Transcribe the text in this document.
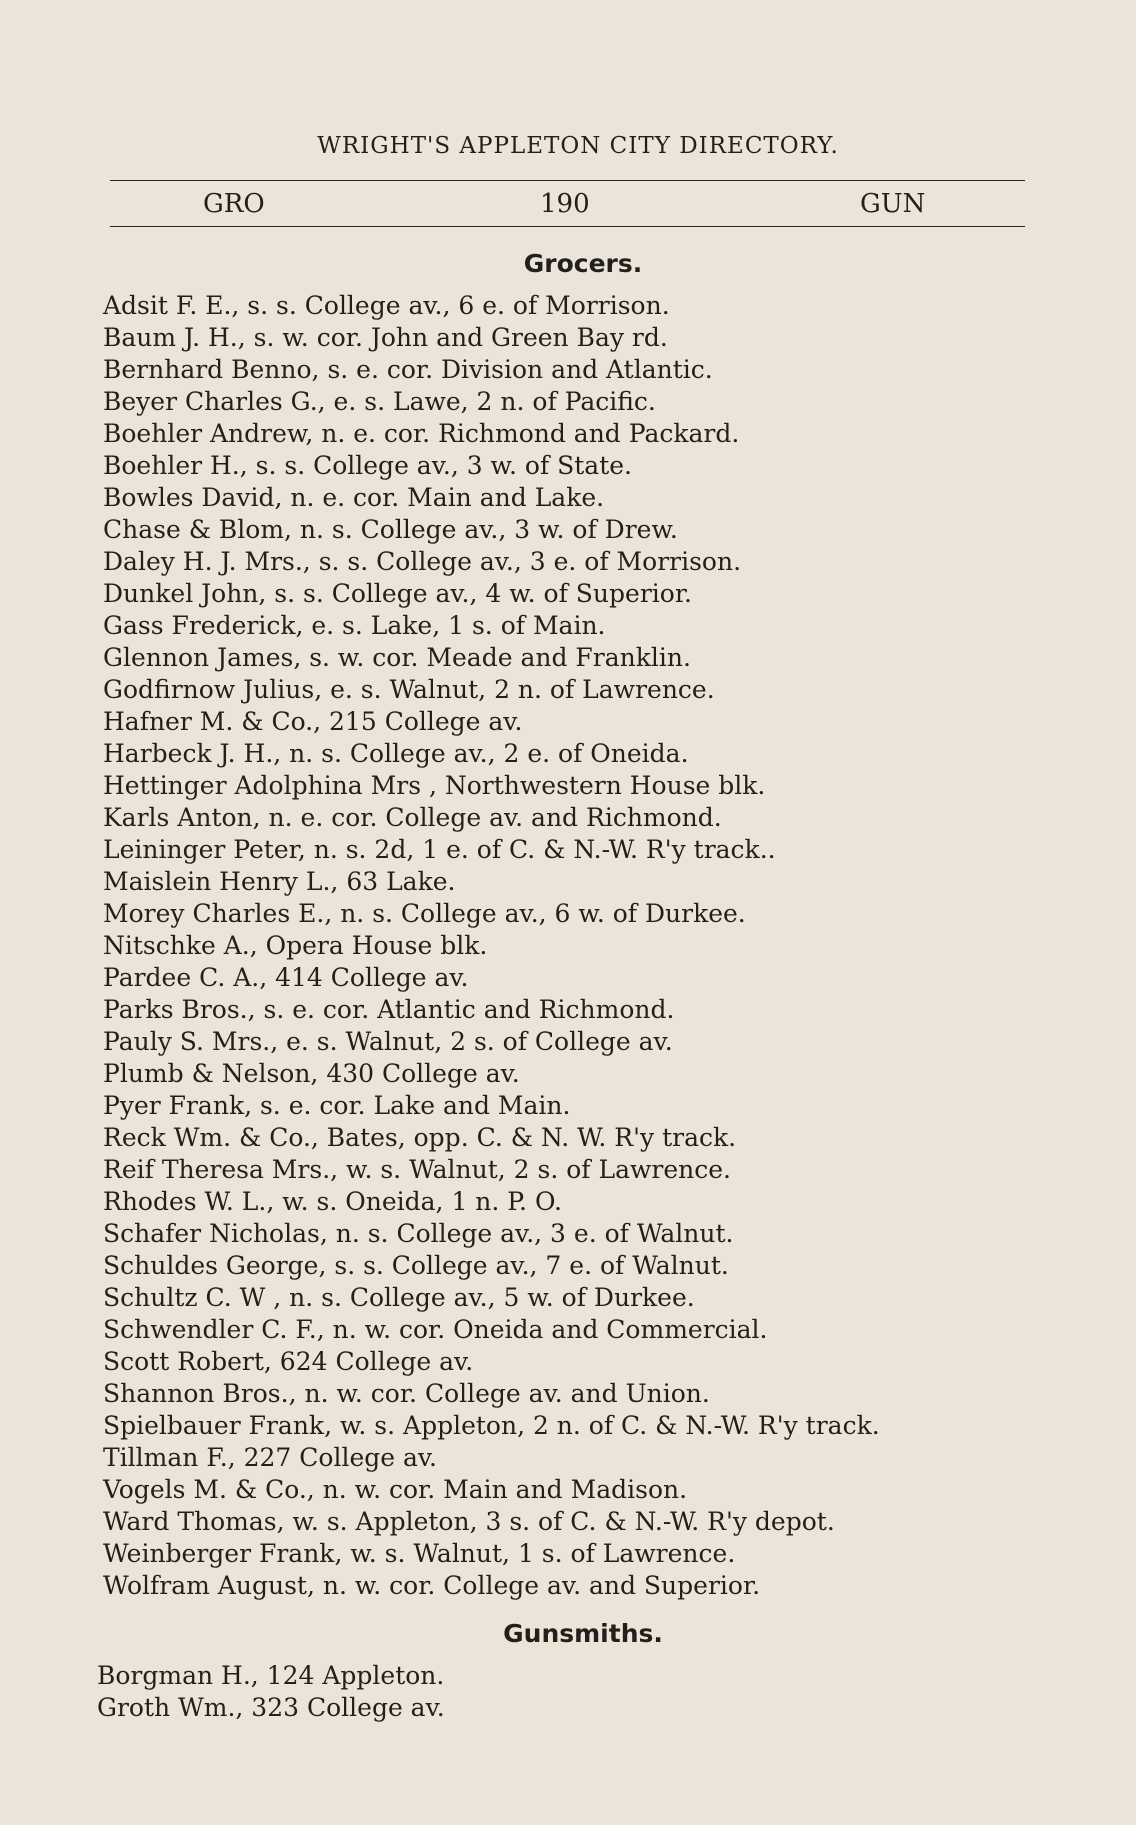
WRIGHT'S APPLETON CITY DIRECTORY.
GRO	190	GUN
Grocers.
Adsit F. E., s. s. College av., 6 e. of Morrison.
Baum J. H., s. w. cor. John and Green Bay rd.
Bernhard Benno, s. e. cor. Division and Atlantic.
Beyer Charles G., e. s. Lawe, 2 n. of Pacific.
Boehler Andrew, n. e. cor. Richmond and Packard.
Boehler H., s. s. College av., 3 w. of State.
Bowles David, n. e. cor. Main and Lake.
Chase & Blom, n. s. College av., 3 w. of Drew.
Daley H. J. Mrs., s. s. College av., 3 e. of Morrison.
Dunkel John, s. s. College av., 4 w. of Superior.
Gass Frederick, e. s. Lake, 1 s. of Main.
Glennon James, s. w. cor. Meade and Franklin.
Godfirnow Julius, e. s. Walnut, 2 n. of Lawrence.
Hafner M. & Co., 215 College av.
Harbeck J. H., n. s. College av., 2 e. of Oneida.
Hettinger Adolphina Mrs , Northwestern House blk.
Karls Anton, n. e. cor. College av. and Richmond.
Leininger Peter, n. s. 2d, 1 e. of C. & N.-W. R'y track..
Maislein Henry L., 63 Lake.
Morey Charles E., n. s. College av., 6 w. of Durkee.
Nitschke A., Opera House blk.
Pardee C. A., 414 College av.
Parks Bros., s. e. cor. Atlantic and Richmond.
Pauly S. Mrs., e. s. Walnut, 2 s. of College av.
Plumb & Nelson, 430 College av.
Pyer Frank, s. e. cor. Lake and Main.
Reck Wm. & Co., Bates, opp. C. & N. W. R'y track.
Reif Theresa Mrs., w. s. Walnut, 2 s. of Lawrence.
Rhodes W. L., w. s. Oneida, 1 n. P. O.
Schafer Nicholas, n. s. College av., 3 e. of Walnut.
Schuldes George, s. s. College av., 7 e. of Walnut.
Schultz C. W , n. s. College av., 5 w. of Durkee.
Schwendler C. F., n. w. cor. Oneida and Commercial.
Scott Robert, 624 College av.
Shannon Bros., n. w. cor. College av. and Union.
Spielbauer Frank, w. s. Appleton, 2 n. of C. & N.-W. R'y track.
Tillman F., 227 College av.
Vogels M. & Co., n. w. cor. Main and Madison.
Ward Thomas, w. s. Appleton, 3 s. of C. & N.-W. R'y depot.
Weinberger Frank, w. s. Walnut, 1 s. of Lawrence.
Wolfram August, n. w. cor. College av. and Superior.
Gunsmiths.
Borgman H., 124 Appleton.
Groth Wm., 323 College av.
